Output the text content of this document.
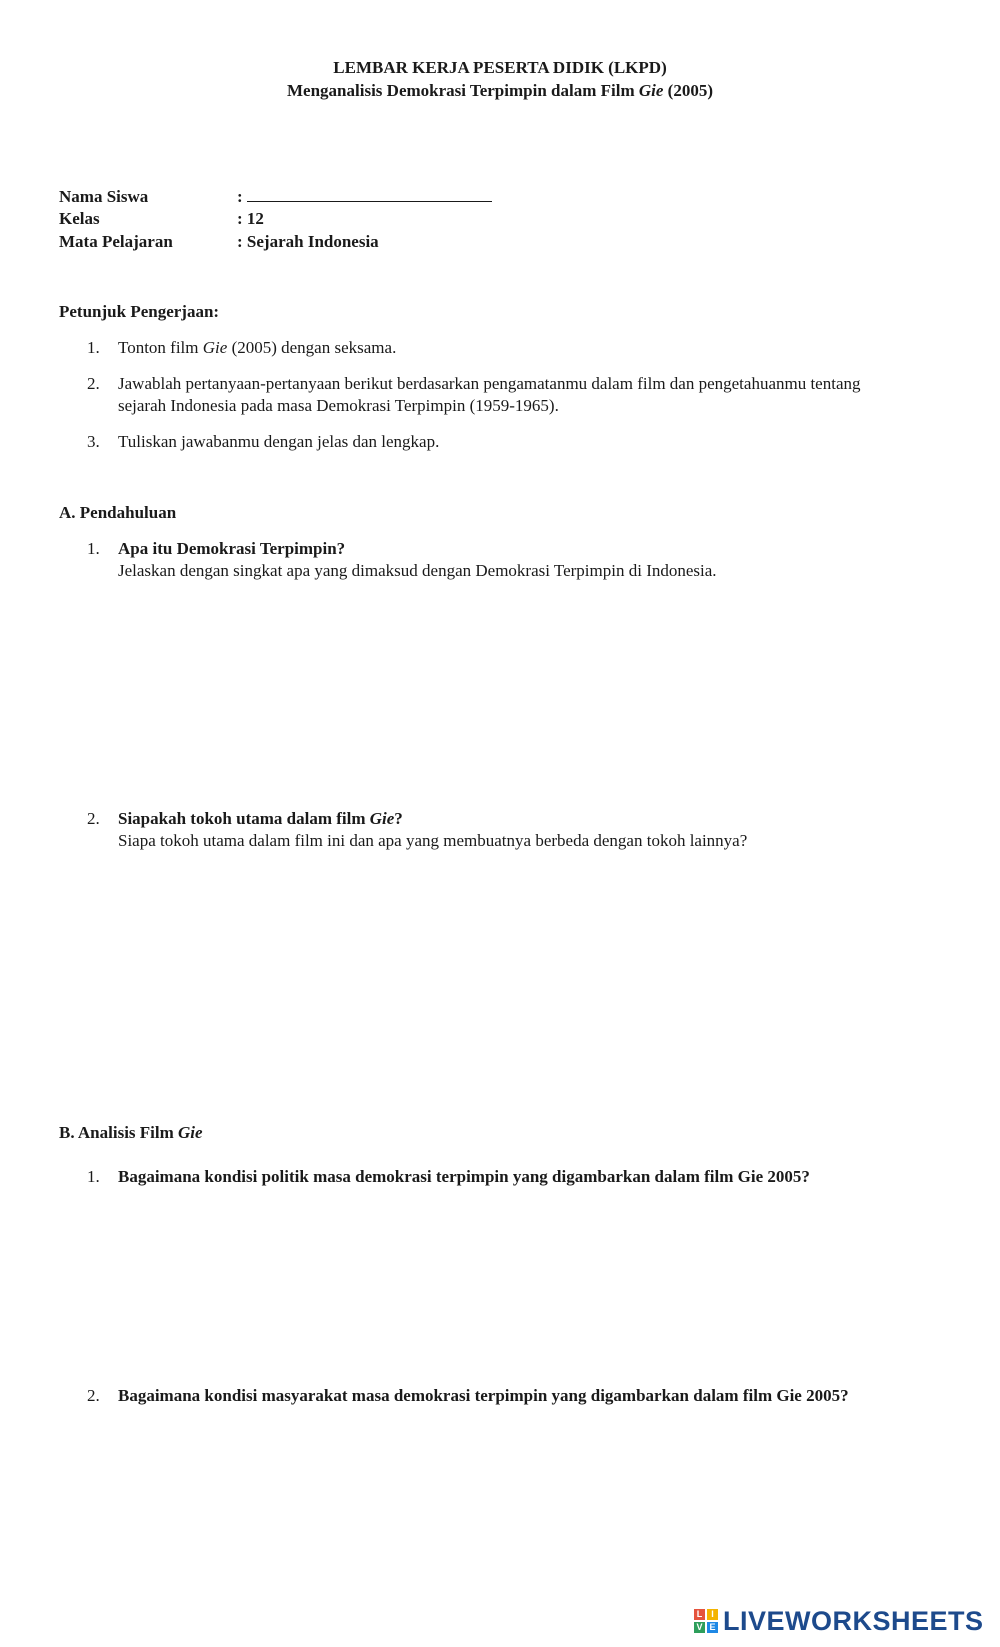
LEMBAR KERJA PESERTA DIDIK (LKPD)
Menganalisis Demokrasi Terpimpin dalam Film Gie (2005)
Nama Siswa	:
Kelas	: 12
Mata Pelajaran	: Sejarah Indonesia
Petunjuk Pengerjaan:
1. Tonton film Gie (2005) dengan seksama.
2. Jawablah pertanyaan-pertanyaan berikut berdasarkan pengamatanmu dalam film dan pengetahuanmu tentang
sejarah Indonesia pada masa Demokrasi Terpimpin (1959-1965).
3. Tuliskan jawabanmu dengan jelas dan lengkap.
A. Pendahuluan
1. Apa itu Demokrasi Terpimpin?
Jelaskan dengan singkat apa yang dimaksud dengan Demokrasi Terpimpin di Indonesia.
2. Siapakah tokoh utama dalam film Gie?
Siapa tokoh utama dalam film ini dan apa yang membuatnya berbeda dengan tokoh lainnya?
B. Analisis Film Gie
1. Bagaimana kondisi politik masa demokrasi terpimpin yang digambarkan dalam film Gie 2005?
2. Bagaimana kondisi masyarakat masa demokrasi terpimpin yang digambarkan dalam film Gie 2005?
L I
V E LIVEWORKSHEETS
